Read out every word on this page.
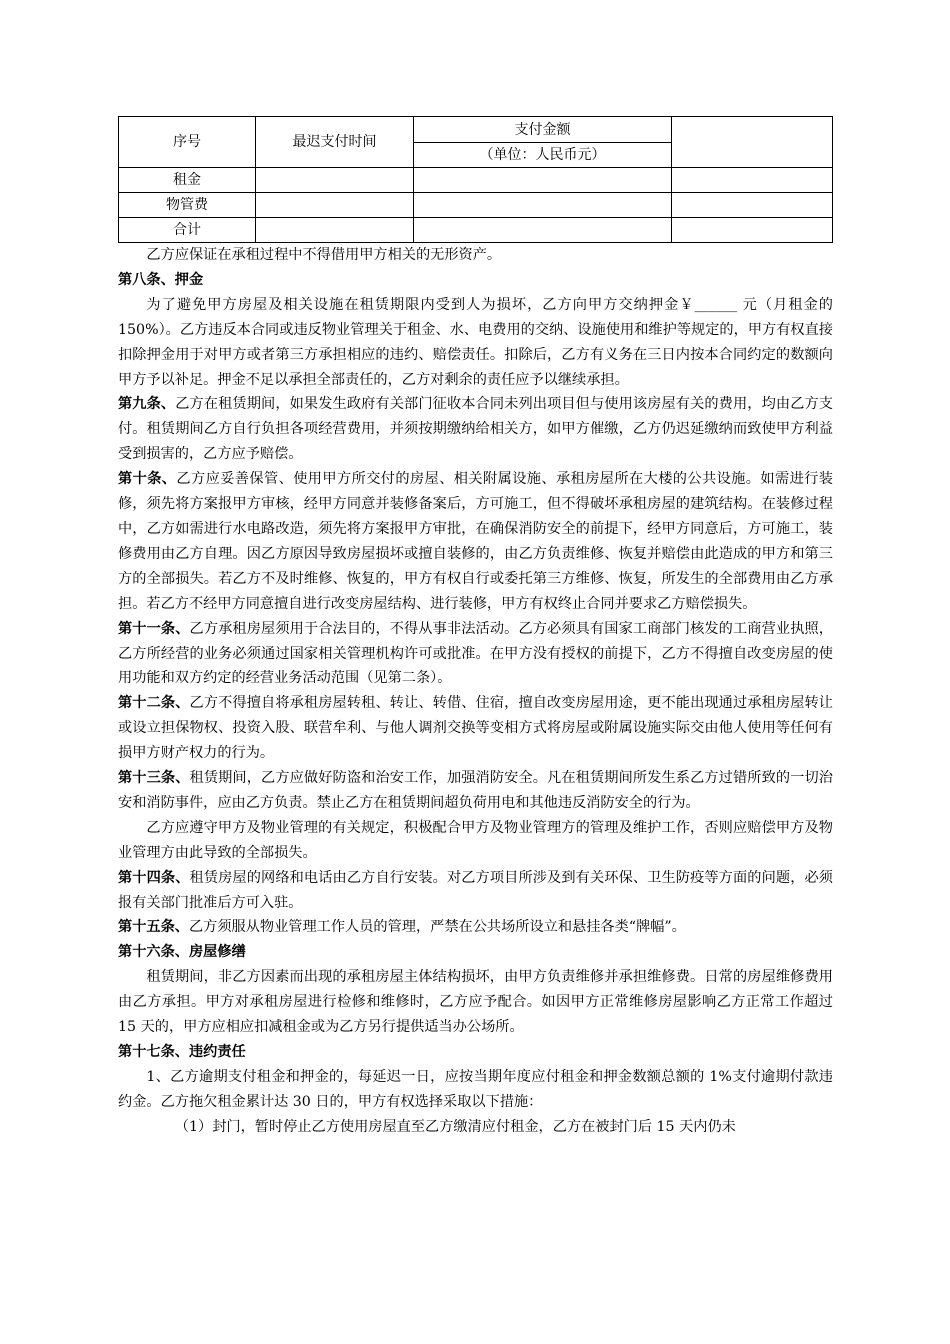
序号	最迟支付时间	支付金额	
		（单位：人民币元）	
租金			
物管费			
合计			

乙方应保证在承租过程中不得借用甲方相关的无形资产。

第八条、押金

为了避免甲方房屋及相关设施在租赁期限内受到人为损坏，乙方向甲方交纳押金￥______ 元（月租金的 150%）。乙方违反本合同或违反物业管理关于租金、水、电费用的交纳、设施使用和维护等规定的，甲方有权直接扣除押金用于对甲方或者第三方承担相应的违约、赔偿责任。扣除后，乙方有义务在三日内按本合同约定的数额向甲方予以补足。押金不足以承担全部责任的，乙方对剩余的责任应予以继续承担。

第九条、乙方在租赁期间，如果发生政府有关部门征收本合同未列出项目但与使用该房屋有关的费用，均由乙方支付。租赁期间乙方自行负担各项经营费用，并须按期缴纳给相关方，如甲方催缴，乙方仍迟延缴纳而致使甲方利益受到损害的，乙方应予赔偿。

第十条、乙方应妥善保管、使用甲方所交付的房屋、相关附属设施、承租房屋所在大楼的公共设施。如需进行装修，须先将方案报甲方审核，经甲方同意并装修备案后，方可施工，但不得破坏承租房屋的建筑结构。在装修过程中，乙方如需进行水电路改造，须先将方案报甲方审批，在确保消防安全的前提下，经甲方同意后，方可施工，装修费用由乙方自理。因乙方原因导致房屋损坏或擅自装修的，由乙方负责维修、恢复并赔偿由此造成的甲方和第三方的全部损失。若乙方不及时维修、恢复的，甲方有权自行或委托第三方维修、恢复，所发生的全部费用由乙方承担。若乙方不经甲方同意擅自进行改变房屋结构、进行装修，甲方有权终止合同并要求乙方赔偿损失。

第十一条、乙方承租房屋须用于合法目的，不得从事非法活动。乙方必须具有国家工商部门核发的工商营业执照，乙方所经营的业务必须通过国家相关管理机构许可或批准。在甲方没有授权的前提下，乙方不得擅自改变房屋的使用功能和双方约定的经营业务活动范围（见第二条）。

第十二条、乙方不得擅自将承租房屋转租、转让、转借、住宿，擅自改变房屋用途，更不能出现通过承租房屋转让或设立担保物权、投资入股、联营牟利、与他人调剂交换等变相方式将房屋或附属设施实际交由他人使用等任何有损甲方财产权力的行为。

第十三条、租赁期间，乙方应做好防盗和治安工作，加强消防安全。凡在租赁期间所发生系乙方过错所致的一切治安和消防事件，应由乙方负责。禁止乙方在租赁期间超负荷用电和其他违反消防安全的行为。

乙方应遵守甲方及物业管理的有关规定，积极配合甲方及物业管理方的管理及维护工作，否则应赔偿甲方及物业管理方由此导致的全部损失。

第十四条、租赁房屋的网络和电话由乙方自行安装。对乙方项目所涉及到有关环保、卫生防疫等方面的问题，必须报有关部门批准后方可入驻。

第十五条、乙方须服从物业管理工作人员的管理，严禁在公共场所设立和悬挂各类“牌幅”。

第十六条、房屋修缮

租赁期间，非乙方因素而出现的承租房屋主体结构损坏，由甲方负责维修并承担维修费。日常的房屋维修费用由乙方承担。甲方对承租房屋进行检修和维修时，乙方应予配合。如因甲方正常维修房屋影响乙方正常工作超过 15 天的，甲方应相应扣减租金或为乙方另行提供适当办公场所。

第十七条、违约责任

1、乙方逾期支付租金和押金的，每延迟一日，应按当期年度应付租金和押金数额总额的 1%支付逾期付款违约金。乙方拖欠租金累计达 30 日的，甲方有权选择采取以下措施：

（1）封门，暂时停止乙方使用房屋直至乙方缴清应付租金，乙方在被封门后 15 天内仍未
